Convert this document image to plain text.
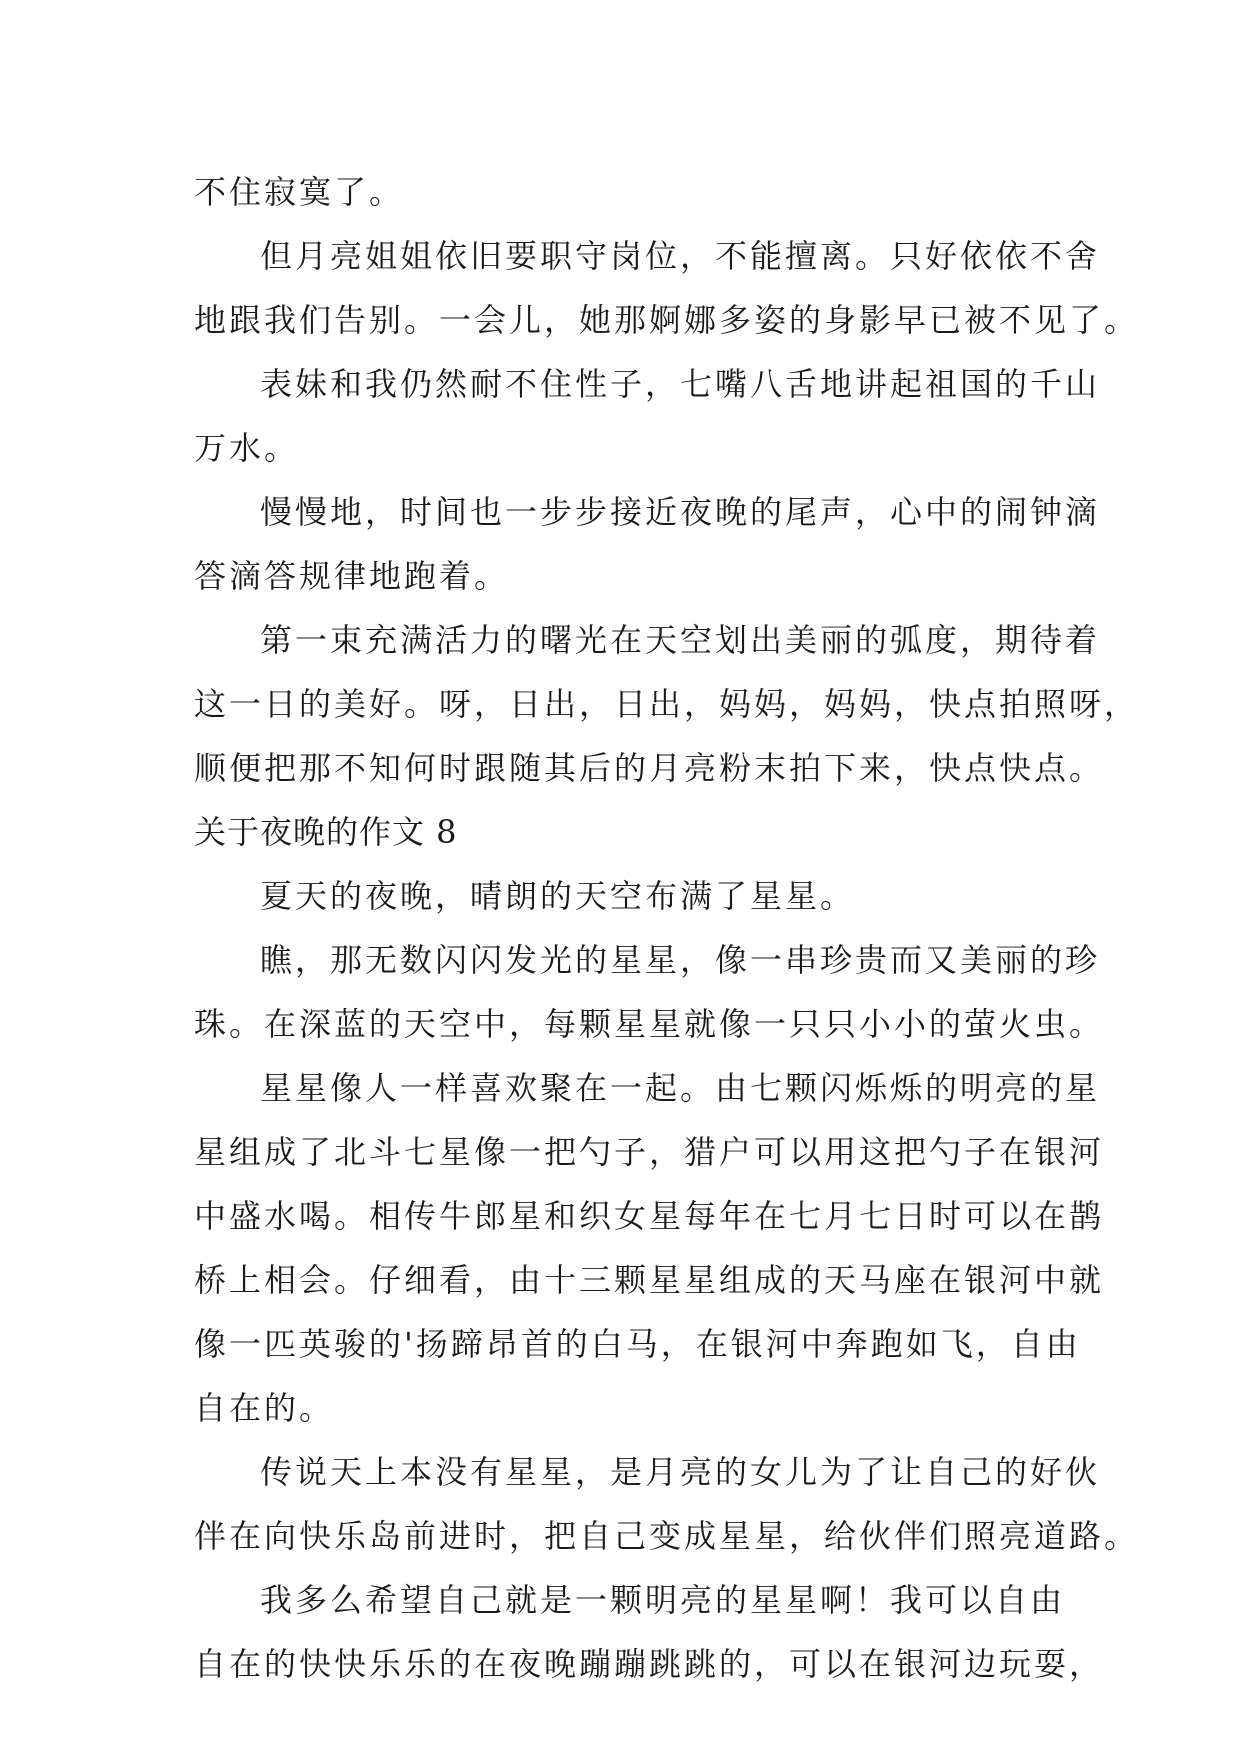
不住寂寞了。
但月亮姐姐依旧要职守岗位，不能擅离。只好依依不舍
地跟我们告别。一会儿，她那婀娜多姿的身影早已被不见了。
表妹和我仍然耐不住性子，七嘴八舌地讲起祖国的千山
万水。
慢慢地，时间也一步步接近夜晚的尾声，心中的闹钟滴
答滴答规律地跑着。
第一束充满活力的曙光在天空划出美丽的弧度，期待着
这一日的美好。呀，日出，日出，妈妈，妈妈，快点拍照呀，
顺便把那不知何时跟随其后的月亮粉末拍下来，快点快点。
关于夜晚的作文 8
夏天的夜晚，晴朗的天空布满了星星。
瞧，那无数闪闪发光的星星，像一串珍贵而又美丽的珍
珠。在深蓝的天空中，每颗星星就像一只只小小的萤火虫。
星星像人一样喜欢聚在一起。由七颗闪烁烁的明亮的星
星组成了北斗七星像一把勺子，猎户可以用这把勺子在银河
中盛水喝。相传牛郎星和织女星每年在七月七日时可以在鹊
桥上相会。仔细看，由十三颗星星组成的天马座在银河中就
像一匹英骏的'扬蹄昂首的白马，在银河中奔跑如飞，自由
自在的。
传说天上本没有星星，是月亮的女儿为了让自己的好伙
伴在向快乐岛前进时，把自己变成星星，给伙伴们照亮道路。
我多么希望自己就是一颗明亮的星星啊！我可以自由
自在的快快乐乐的在夜晚蹦蹦跳跳的，可以在银河边玩耍，
